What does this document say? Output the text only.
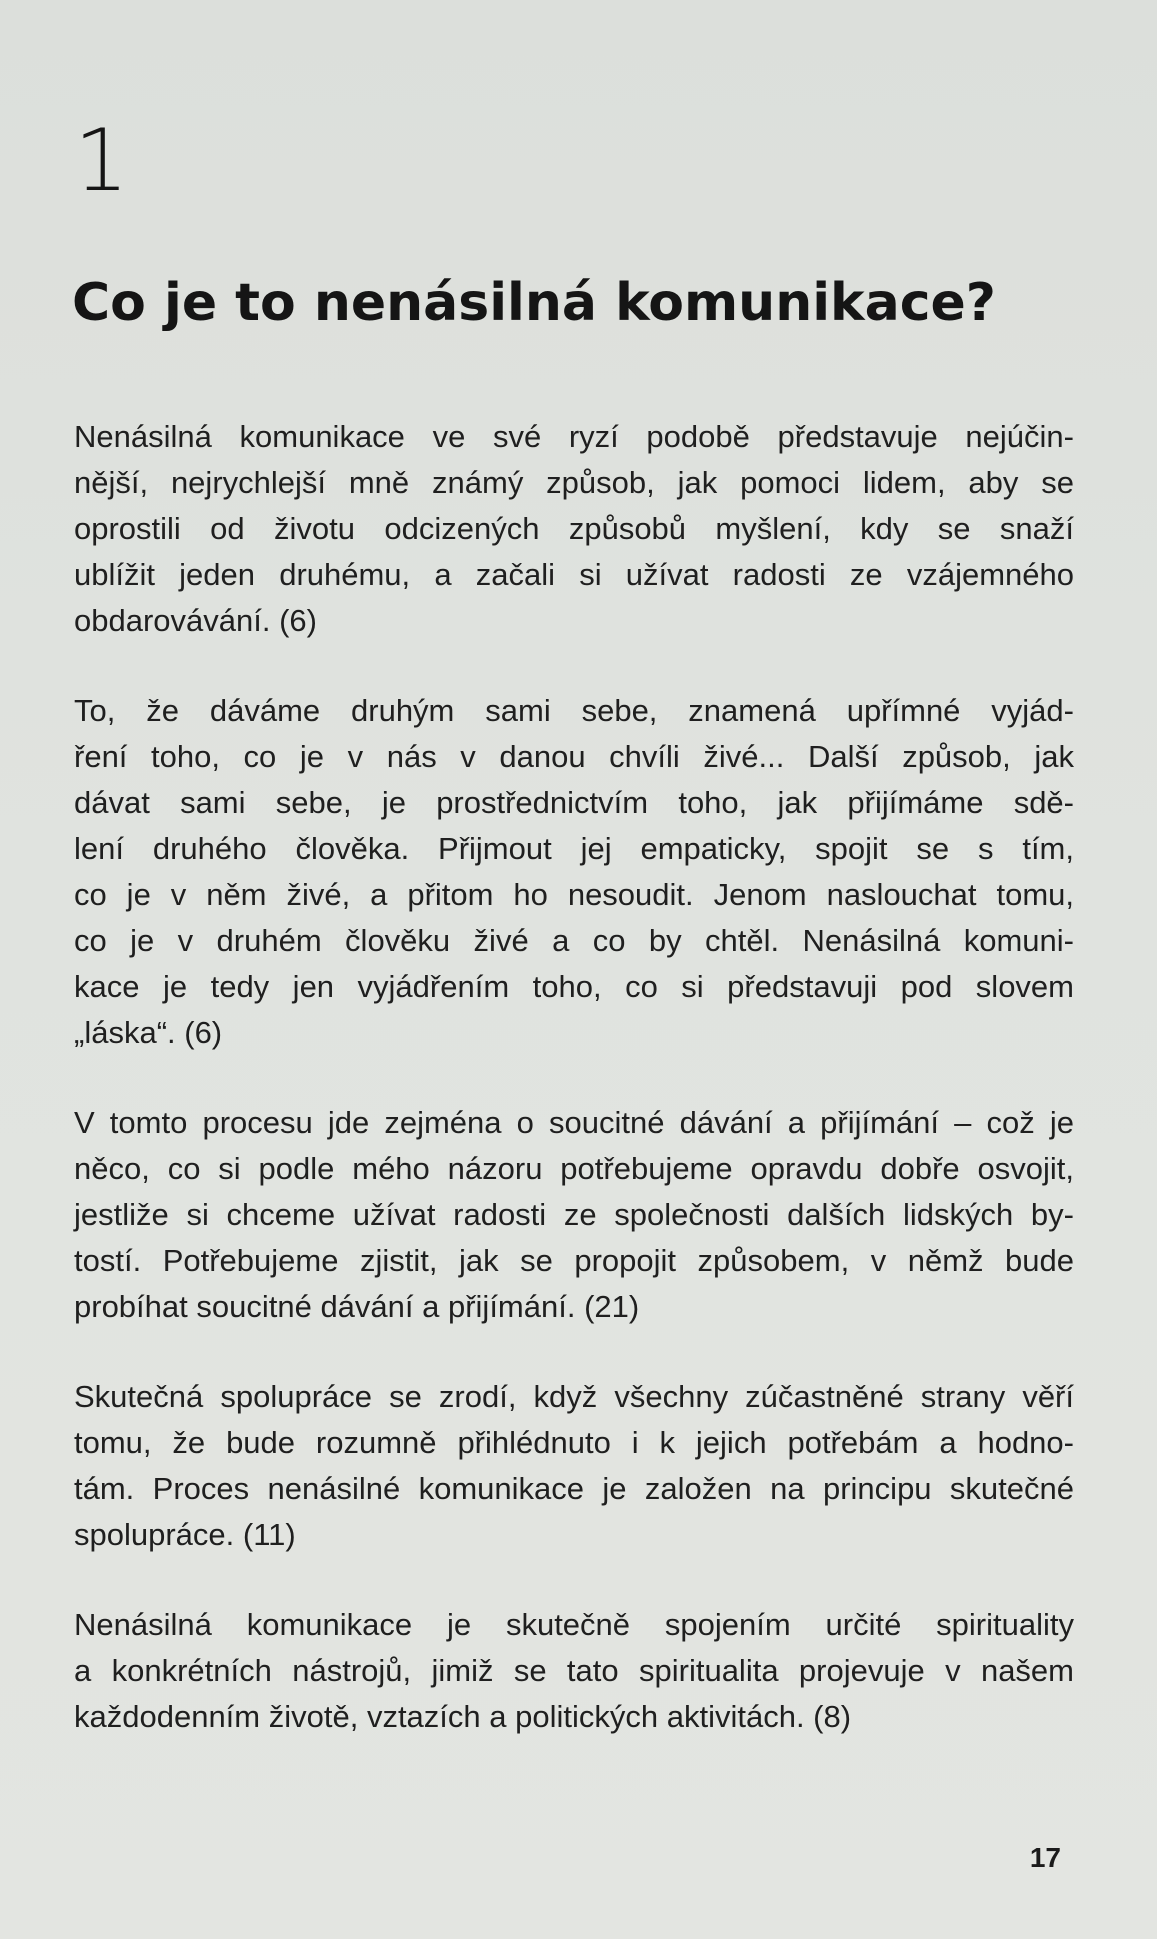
1
Co je to nenásilná komunikace?

Nenásilná komunikace ve své ryzí podobě představuje nejúčin-
nější, nejrychlejší mně známý způsob, jak pomoci lidem, aby se
oprostili od životu odcizených způsobů myšlení, kdy se snaží
ublížit jeden druhému, a začali si užívat radosti ze vzájemného
obdarovávání. (6)

To, že dáváme druhým sami sebe, znamená upřímné vyjád-
ření toho, co je v nás v danou chvíli živé... Další způsob, jak
dávat sami sebe, je prostřednictvím toho, jak přijímáme sdě-
lení druhého člověka. Přijmout jej empaticky, spojit se s tím,
co je v něm živé, a přitom ho nesoudit. Jenom naslouchat tomu,
co je v druhém člověku živé a co by chtěl. Nenásilná komuni-
kace je tedy jen vyjádřením toho, co si představuji pod slovem
„láska“. (6)

V tomto procesu jde zejména o soucitné dávání a přijímání – což je
něco, co si podle mého názoru potřebujeme opravdu dobře osvojit,
jestliže si chceme užívat radosti ze společnosti dalších lidských by-
tostí. Potřebujeme zjistit, jak se propojit způsobem, v němž bude
probíhat soucitné dávání a přijímání. (21)

Skutečná spolupráce se zrodí, když všechny zúčastněné strany věří
tomu, že bude rozumně přihlédnuto i k jejich potřebám a hodno-
tám. Proces nenásilné komunikace je založen na principu skutečné
spolupráce. (11)

Nenásilná komunikace je skutečně spojením určité spirituality
a konkrétních nástrojů, jimiž se tato spiritualita projevuje v našem
každodenním životě, vztazích a politických aktivitách. (8)

17
